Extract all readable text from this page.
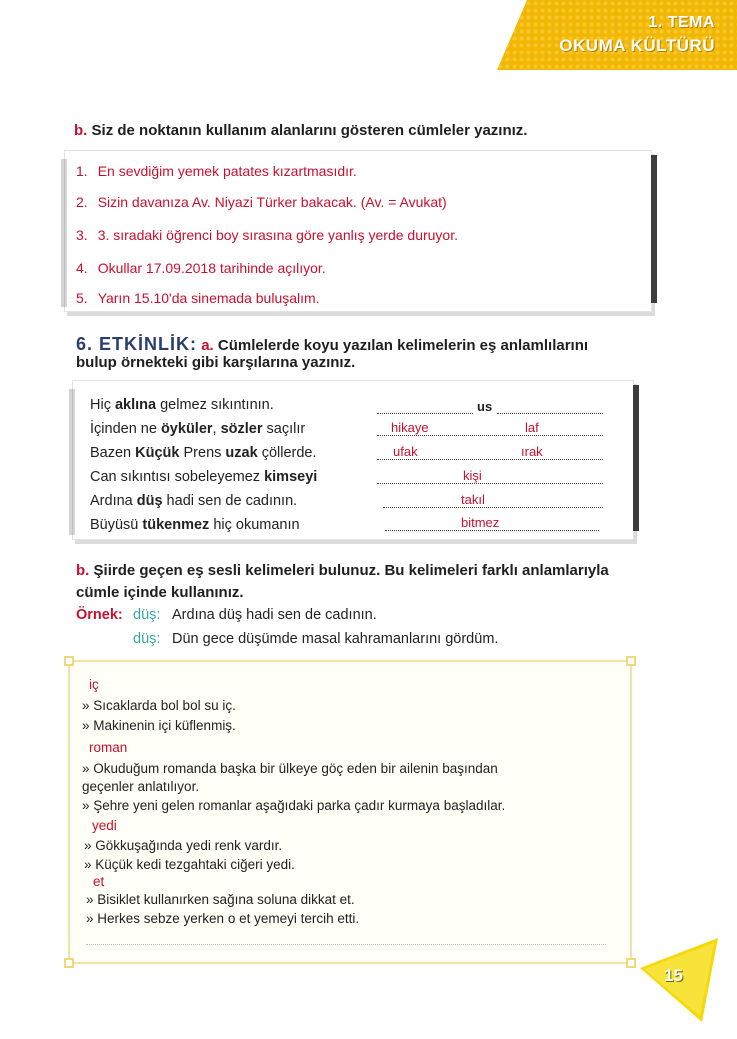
1. TEMA
OKUMA KÜLTÜRÜ
b. Siz de noktanın kullanım alanlarını gösteren cümleler yazınız.
1. En sevdiğim yemek patates kızartmasıdır.
2. Sizin davanıza Av. Niyazi Türker bakacak. (Av. = Avukat)
3. 3. sıradaki öğrenci boy sırasına göre yanlış yerde duruyor.
4. Okullar 17.09.2018 tarihinde açılıyor.
5. Yarın 15.10'da sinemada buluşalım.
6. ETKİNLİK: a. Cümlelerde koyu yazılan kelimelerin eş anlamlılarını
bulup örnekteki gibi karşılarına yazınız.
Hiç aklına gelmez sıkıntının.	us
İçinden ne öyküler, sözler saçılır	hikaye	laf
Bazen Küçük Prens uzak çöllerde.	ufak	ırak
Can sıkıntısı sobeleyemez kimseyi	kişi
Ardına düş hadi sen de cadının.	takıl
Büyüsü tükenmez hiç okumanın	bitmez
b. Şiirde geçen eş sesli kelimeleri bulunuz. Bu kelimeleri farklı anlamlarıyla
cümle içinde kullanınız.
Örnek: düş: Ardına düş hadi sen de cadının.
düş: Dün gece düşümde masal kahramanlarını gördüm.
iç
» Sıcaklarda bol bol su iç.
» Makinenin içi küflenmiş.
roman
» Okuduğum romanda başka bir ülkeye göç eden bir ailenin başından
geçenler anlatılıyor.
» Şehre yeni gelen romanlar aşağıdaki parka çadır kurmaya başladılar.
yedi
» Gökkuşağında yedi renk vardır.
» Küçük kedi tezgahtaki ciğeri yedi.
et
» Bisiklet kullanırken sağına soluna dikkat et.
» Herkes sebze yerken o et yemeyi tercih etti.
15
